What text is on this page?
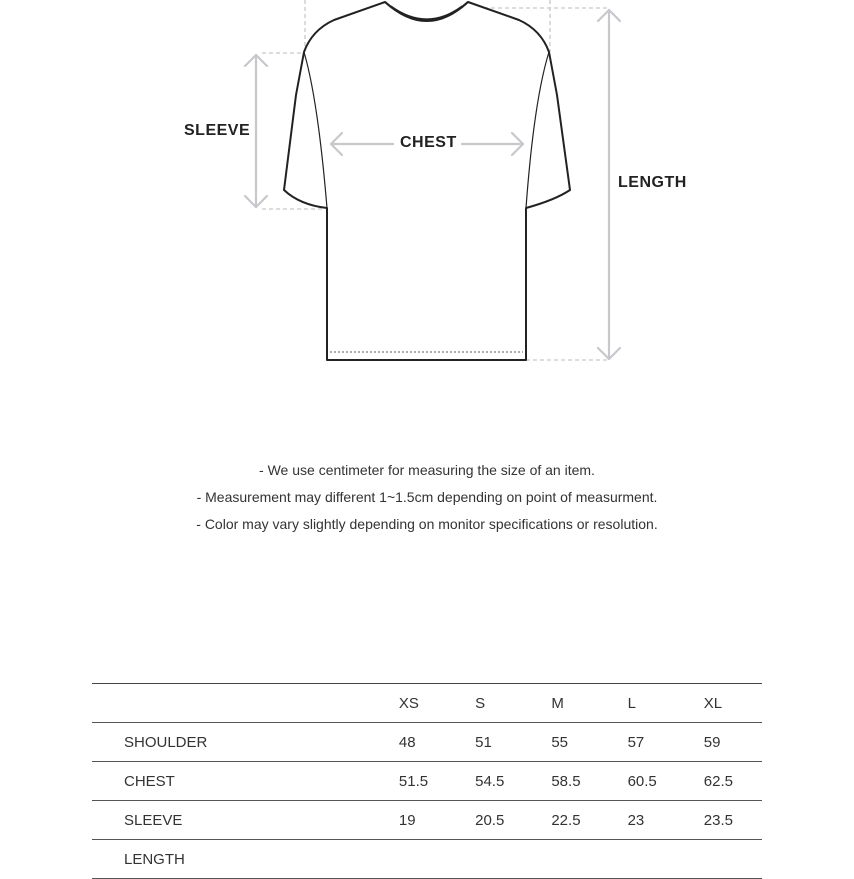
SLEEVE
CHEST
LENGTH
- We use centimeter for measuring the size of an item.
- Measurement may different 1~1.5cm depending on point of measurment.
- Color may vary slightly depending on monitor specifications or resolution.
	XS	S	M	L	XL
SHOULDER	48	51	55	57	59
CHEST	51.5	54.5	58.5	60.5	62.5
SLEEVE	19	20.5	22.5	23	23.5
LENGTH					
